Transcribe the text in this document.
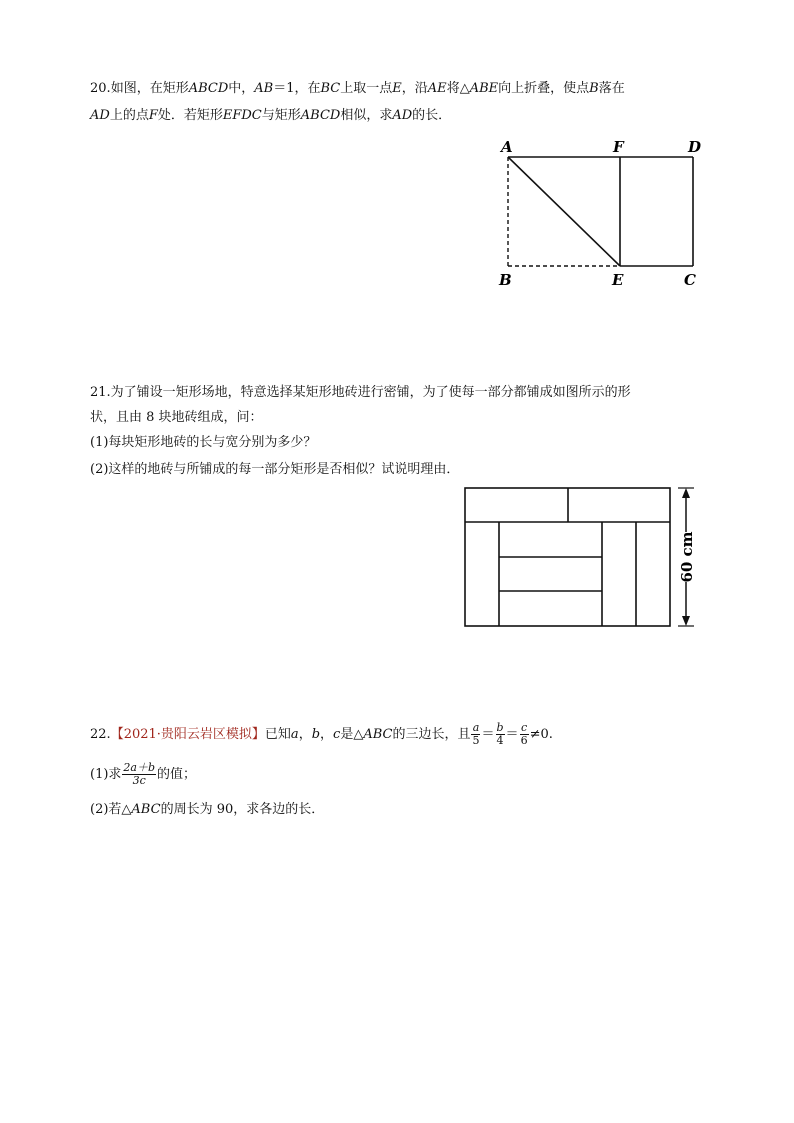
20.如图，在矩形ABCD中，AB＝1，在BC上取一点E，沿AE将△ABE向上折叠，使点B落在
AD上的点F处．若矩形EFDC与矩形ABCD相似，求AD的长．
A	F	D
B	E	C
21.为了铺设一矩形场地，特意选择某矩形地砖进行密铺，为了使每一部分都铺成如图所示的形
状，且由 8 块地砖组成，问：
(1)每块矩形地砖的长与宽分别为多少？
(2)这样的地砖与所铺成的每一部分矩形是否相似？试说明理由．
60 cm
22.【2021·贵阳云岩区模拟】已知a，b，c是△ABC的三边长，且 $\frac{a}{5} = \frac{b}{4} = \frac{c}{6} \ne 0$.
(1)求 $\frac{2a+b}{3c}$ 的值；
(2)若△ABC的周长为 90，求各边的长．
